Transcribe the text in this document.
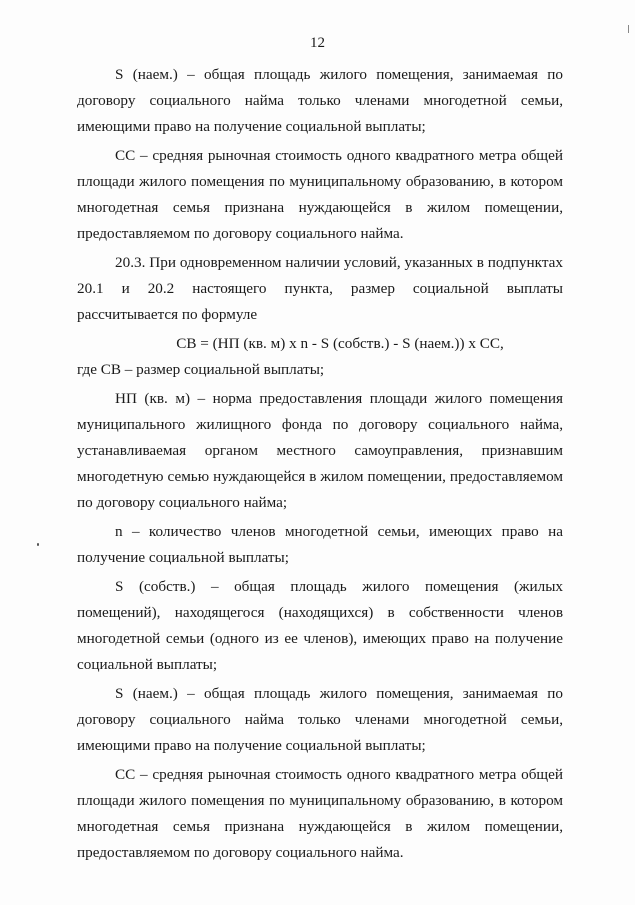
12

S (наем.) – общая площадь жилого помещения, занимаемая по договору социального найма только членами многодетной семьи, имеющими право на получение социальной выплаты;

СС – средняя рыночная стоимость одного квадратного метра общей площади жилого помещения по муниципальному образованию, в котором многодетная семья признана нуждающейся в жилом помещении, предоставляемом по договору социального найма.

20.3. При одновременном наличии условий, указанных в подпунктах 20.1 и 20.2 настоящего пункта, размер социальной выплаты рассчитывается по формуле

СВ = (НП (кв. м) x n - S (собств.) - S (наем.)) x СС,

где СВ – размер социальной выплаты;

НП (кв. м) – норма предоставления площади жилого помещения муниципального жилищного фонда по договору социального найма, устанавливаемая органом местного самоуправления, признавшим многодетную семью нуждающейся в жилом помещении, предоставляемом по договору социального найма;

n – количество членов многодетной семьи, имеющих право на получение социальной выплаты;

S (собств.) – общая площадь жилого помещения (жилых помещений), находящегося (находящихся) в собственности членов многодетной семьи (одного из ее членов), имеющих право на получение социальной выплаты;

S (наем.) – общая площадь жилого помещения, занимаемая по договору социального найма только членами многодетной семьи, имеющими право на получение социальной выплаты;

СС – средняя рыночная стоимость одного квадратного метра общей площади жилого помещения по муниципальному образованию, в котором многодетная семья признана нуждающейся в жилом помещении, предоставляемом по договору социального найма.
